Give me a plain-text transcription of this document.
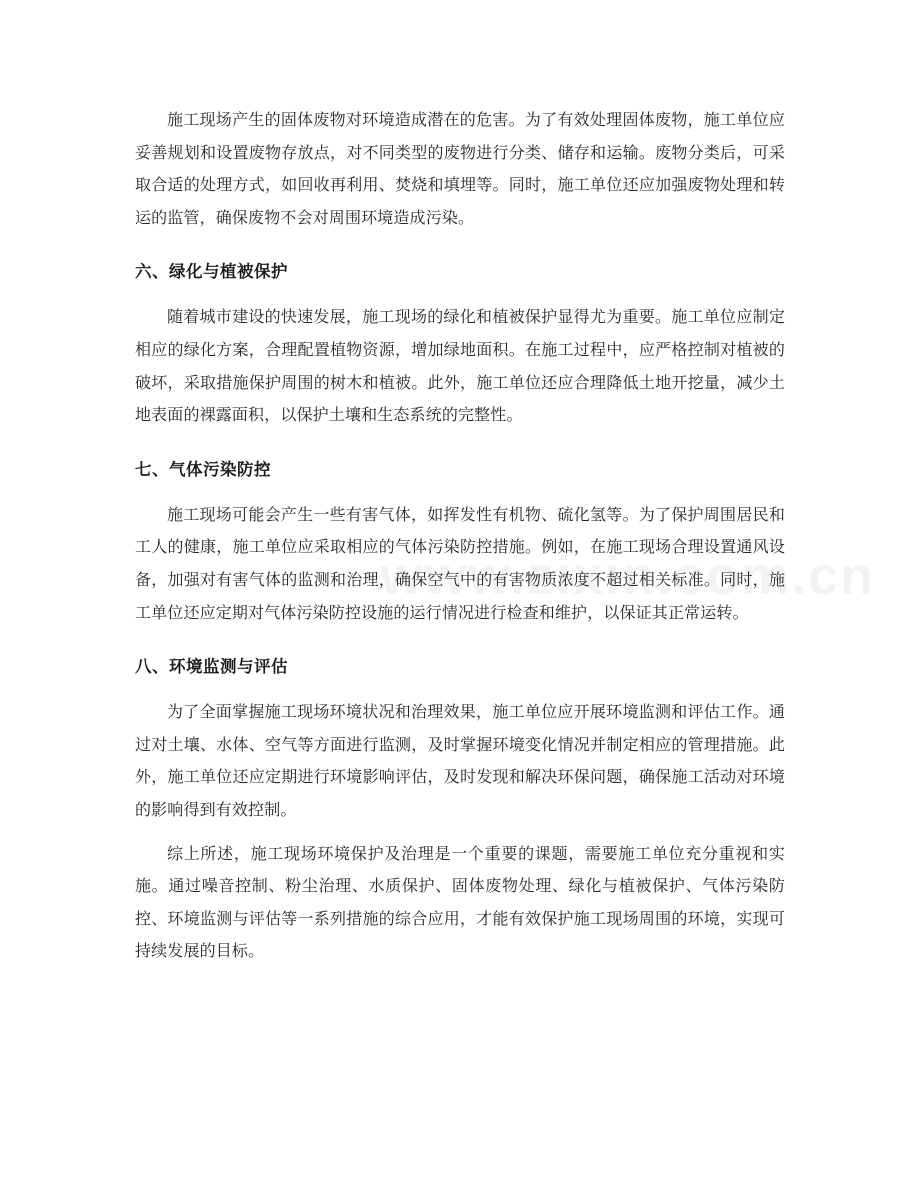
施工现场产生的固体废物对环境造成潜在的危害。为了有效处理固体废物，施工单位应妥善规划和设置废物存放点，对不同类型的废物进行分类、储存和运输。废物分类后，可采取合适的处理方式，如回收再利用、焚烧和填埋等。同时，施工单位还应加强废物处理和转运的监管，确保废物不会对周围环境造成污染。

六、绿化与植被保护

随着城市建设的快速发展，施工现场的绿化和植被保护显得尤为重要。施工单位应制定相应的绿化方案，合理配置植物资源，增加绿地面积。在施工过程中，应严格控制对植被的破坏，采取措施保护周围的树木和植被。此外，施工单位还应合理降低土地开挖量，减少土地表面的裸露面积，以保护土壤和生态系统的完整性。

七、气体污染防控

施工现场可能会产生一些有害气体，如挥发性有机物、硫化氢等。为了保护周围居民和工人的健康，施工单位应采取相应的气体污染防控措施。例如，在施工现场合理设置通风设备，加强对有害气体的监测和治理，确保空气中的有害物质浓度不超过相关标准。同时，施工单位还应定期对气体污染防控设施的运行情况进行检查和维护，以保证其正常运转。

八、环境监测与评估

为了全面掌握施工现场环境状况和治理效果，施工单位应开展环境监测和评估工作。通过对土壤、水体、空气等方面进行监测，及时掌握环境变化情况并制定相应的管理措施。此外，施工单位还应定期进行环境影响评估，及时发现和解决环保问题，确保施工活动对环境的影响得到有效控制。

综上所述，施工现场环境保护及治理是一个重要的课题，需要施工单位充分重视和实施。通过噪音控制、粉尘治理、水质保护、固体废物处理、绿化与植被保护、气体污染防控、环境监测与评估等一系列措施的综合应用，才能有效保护施工现场周围的环境，实现可持续发展的目标。
